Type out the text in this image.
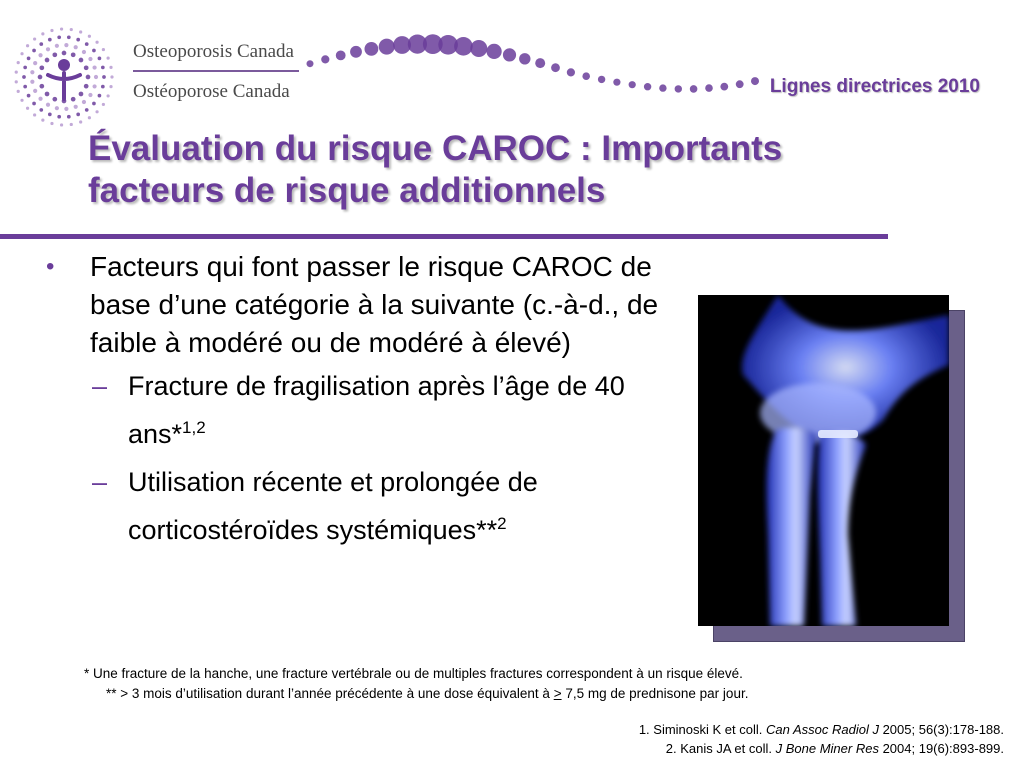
Osteoporosis Canada
Ostéoporose Canada	Lignes directrices 2010
Évaluation du risque CAROC : Importants
facteurs de risque additionnels
•	Facteurs qui font passer le risque CAROC de base d’une catégorie à la suivante (c.-à-d., de faible à modéré ou de modéré à élevé)
– Fracture de fragilisation après l’âge de 40 ans*$^{1,2}$
– Utilisation récente et prolongée de corticostéroïdes systémiques**$^2$
* Une fracture de la hanche, une fracture vertébrale ou de multiples fractures correspondent à un risque élevé.
** > 3 mois d’utilisation durant l’année précédente à une dose équivalent à ≥ 7,5 mg de prednisone par jour.
1. Siminoski K et coll. Can Assoc Radiol J 2005; 56(3):178-188.
2. Kanis JA et coll. J Bone Miner Res 2004; 19(6):893-899.
